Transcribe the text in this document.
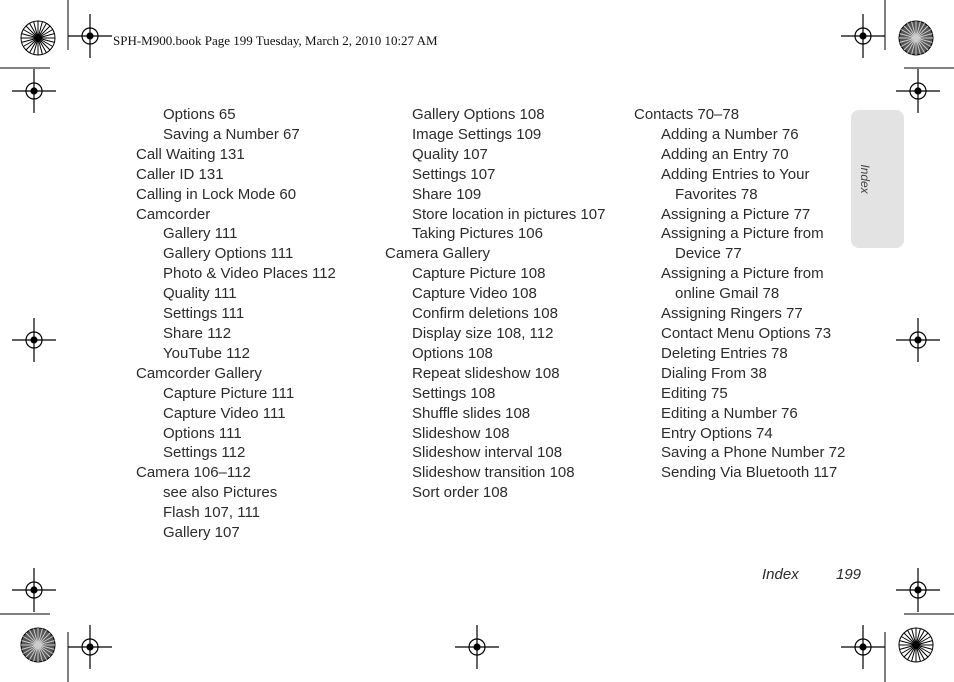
SPH-M900.book Page 199 Tuesday, March 2, 2010 10:27 AM
Options 65
Saving a Number 67
Call Waiting 131
Caller ID 131
Calling in Lock Mode 60
Camcorder
Gallery 111
Gallery Options 111
Photo & Video Places 112
Quality 111
Settings 111
Share 112
YouTube 112
Camcorder Gallery
Capture Picture 111
Capture Video 111
Options 111
Settings 112
Camera 106–112
see also Pictures
Flash 107, 111
Gallery 107
Gallery Options 108
Image Settings 109
Quality 107
Settings 107
Share 109
Store location in pictures 107
Taking Pictures 106
Camera Gallery
Capture Picture 108
Capture Video 108
Confirm deletions 108
Display size 108, 112
Options 108
Repeat slideshow 108
Settings 108
Shuffle slides 108
Slideshow 108
Slideshow interval 108
Slideshow transition 108
Sort order 108
Contacts 70–78
Adding a Number 76
Adding an Entry 70
Adding Entries to Your
Favorites 78
Assigning a Picture 77
Assigning a Picture from
Device 77
Assigning a Picture from
online Gmail 78
Assigning Ringers 77
Contact Menu Options 73
Deleting Entries 78
Dialing From 38
Editing 75
Editing a Number 76
Entry Options 74
Saving a Phone Number 72
Sending Via Bluetooth 117
Index
Index 199
